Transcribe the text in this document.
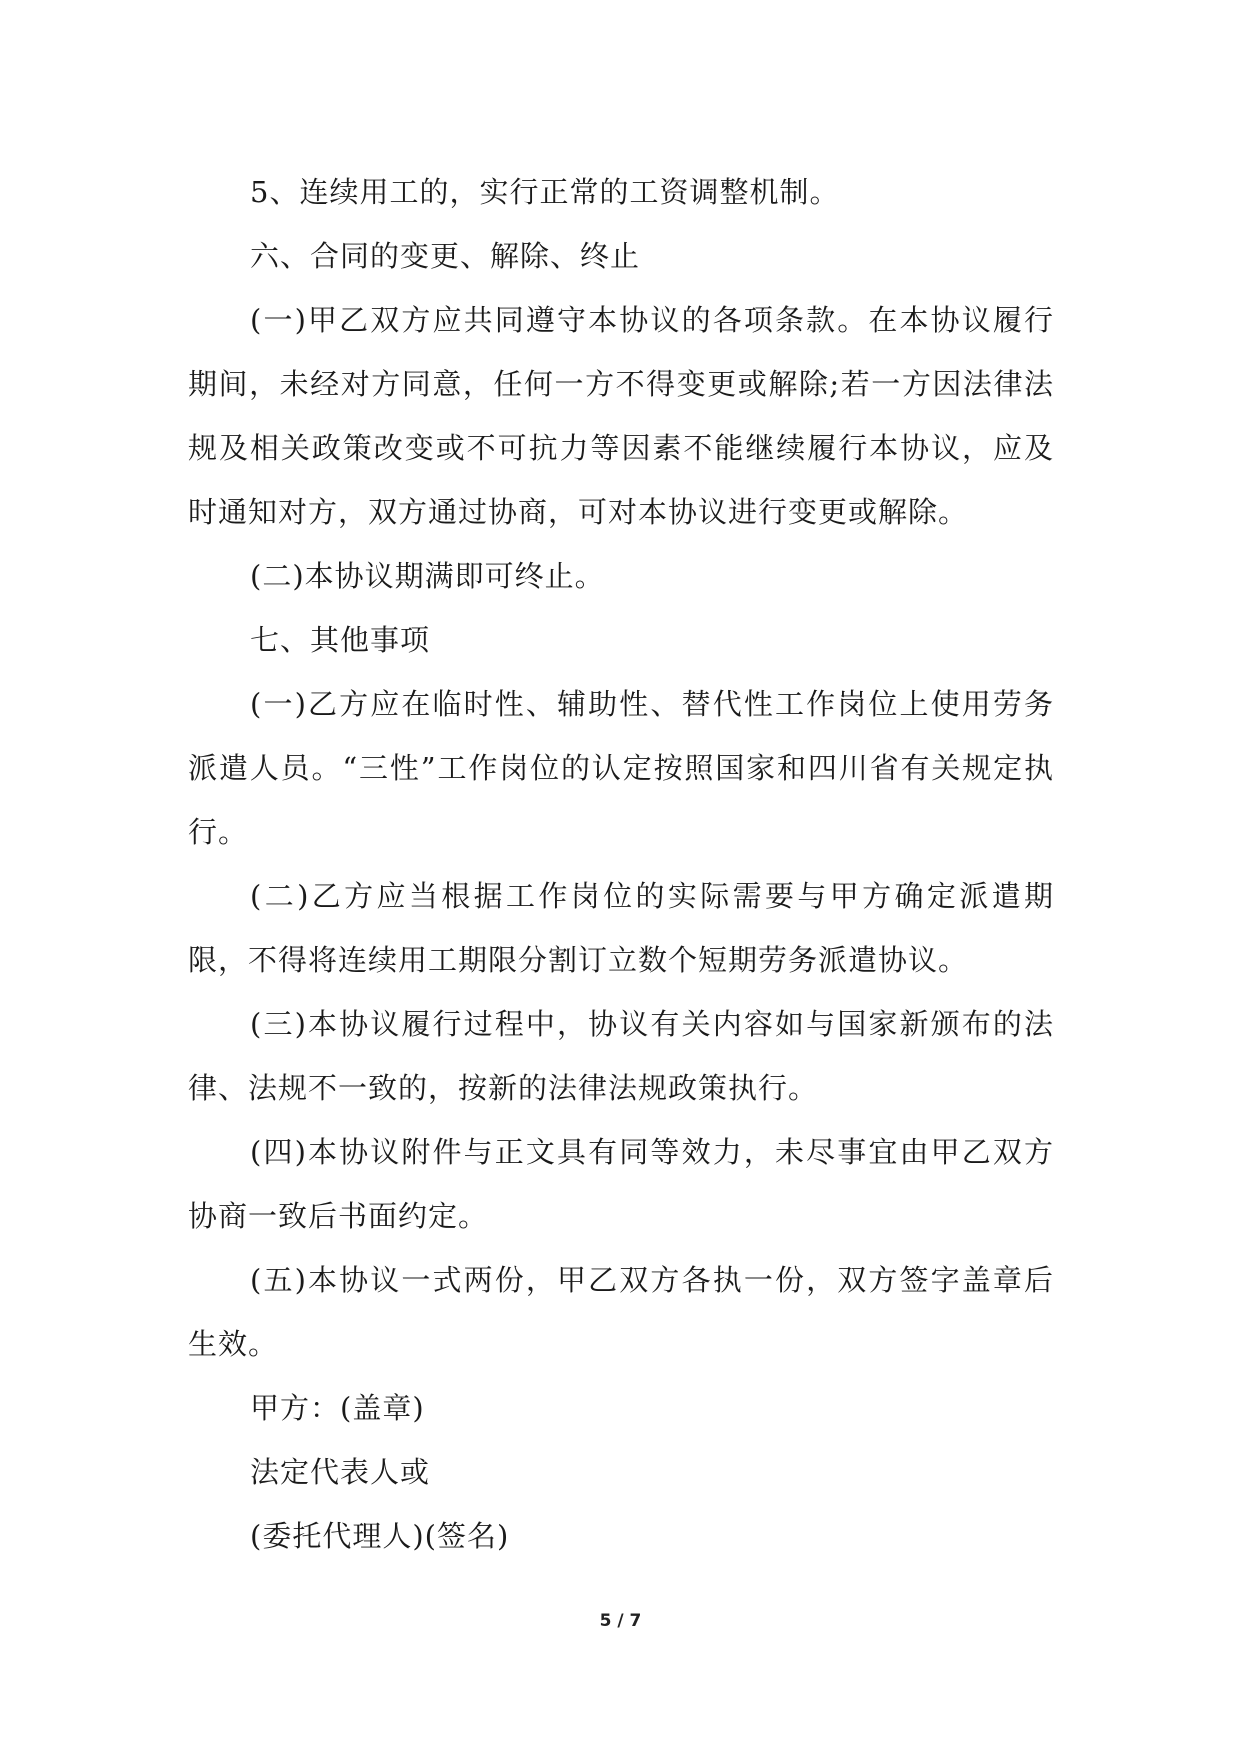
5、连续用工的，实行正常的工资调整机制。

六、合同的变更、解除、终止

(一)甲乙双方应共同遵守本协议的各项条款。在本协议履行期间，未经对方同意，任何一方不得变更或解除;若一方因法律法规及相关政策改变或不可抗力等因素不能继续履行本协议，应及时通知对方，双方通过协商，可对本协议进行变更或解除。

(二)本协议期满即可终止。

七、其他事项

(一)乙方应在临时性、辅助性、替代性工作岗位上使用劳务派遣人员。“三性”工作岗位的认定按照国家和四川省有关规定执行。

(二)乙方应当根据工作岗位的实际需要与甲方确定派遣期限，不得将连续用工期限分割订立数个短期劳务派遣协议。

(三)本协议履行过程中，协议有关内容如与国家新颁布的法律、法规不一致的，按新的法律法规政策执行。

(四)本协议附件与正文具有同等效力，未尽事宜由甲乙双方协商一致后书面约定。

(五)本协议一式两份，甲乙双方各执一份，双方签字盖章后生效。

甲方：(盖章)

法定代表人或

(委托代理人)(签名)

5 / 7
